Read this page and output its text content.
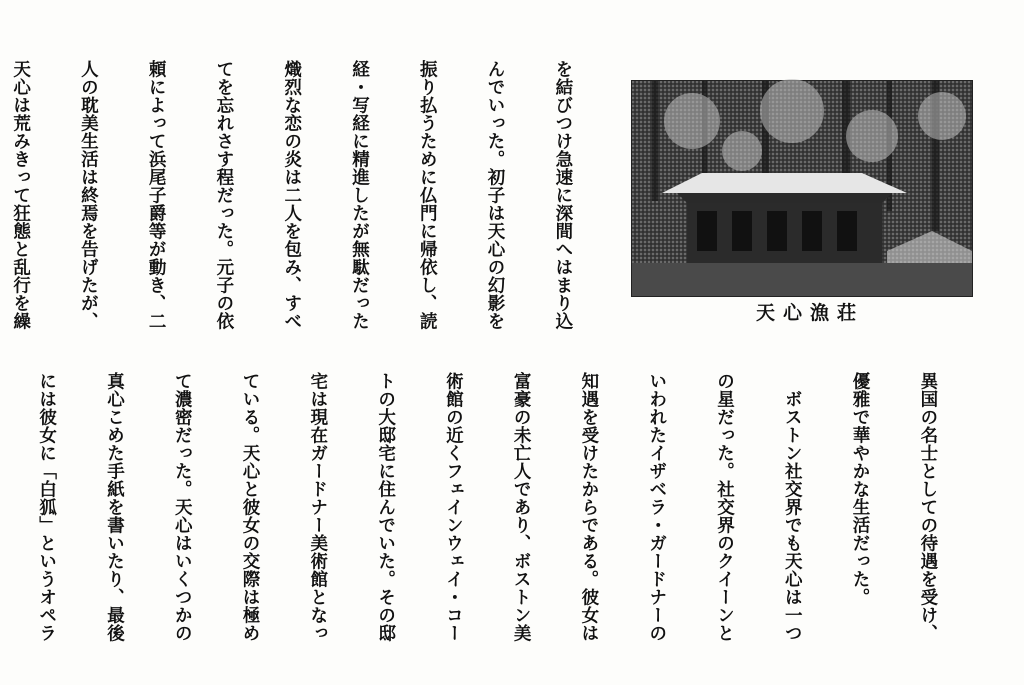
を結びつけ急速に深間へはまり込

んでいった。初子は天心の幻影を

振り払うために仏門に帰依し、読

経・写経に精進したが無駄だった

熾烈な恋の炎は二人を包み、すべ

てを忘れさす程だった。元子の依

頼によって浜尾子爵等が動き、二

人の耽美生活は終焉を告げたが、

天心は荒みきって狂態と乱行を繰

	天心漁荘

異国の名士としての待遇を受け、

優雅で華やかな生活だった。

　ボストン社交界でも天心は一つ

の星だった。社交界のクイーンと

いわれたイザベラ・ガードナーの

知遇を受けたからである。彼女は

富豪の未亡人であり、ボストン美

術館の近くフェインウェイ・コー

トの大邸宅に住んでいた。その邸

宅は現在ガードナー美術館となっ

ている。天心と彼女の交際は極め

て濃密だった。天心はいくつかの

真心こめた手紙を書いたり、最後

には彼女に「白狐」というオペラ
